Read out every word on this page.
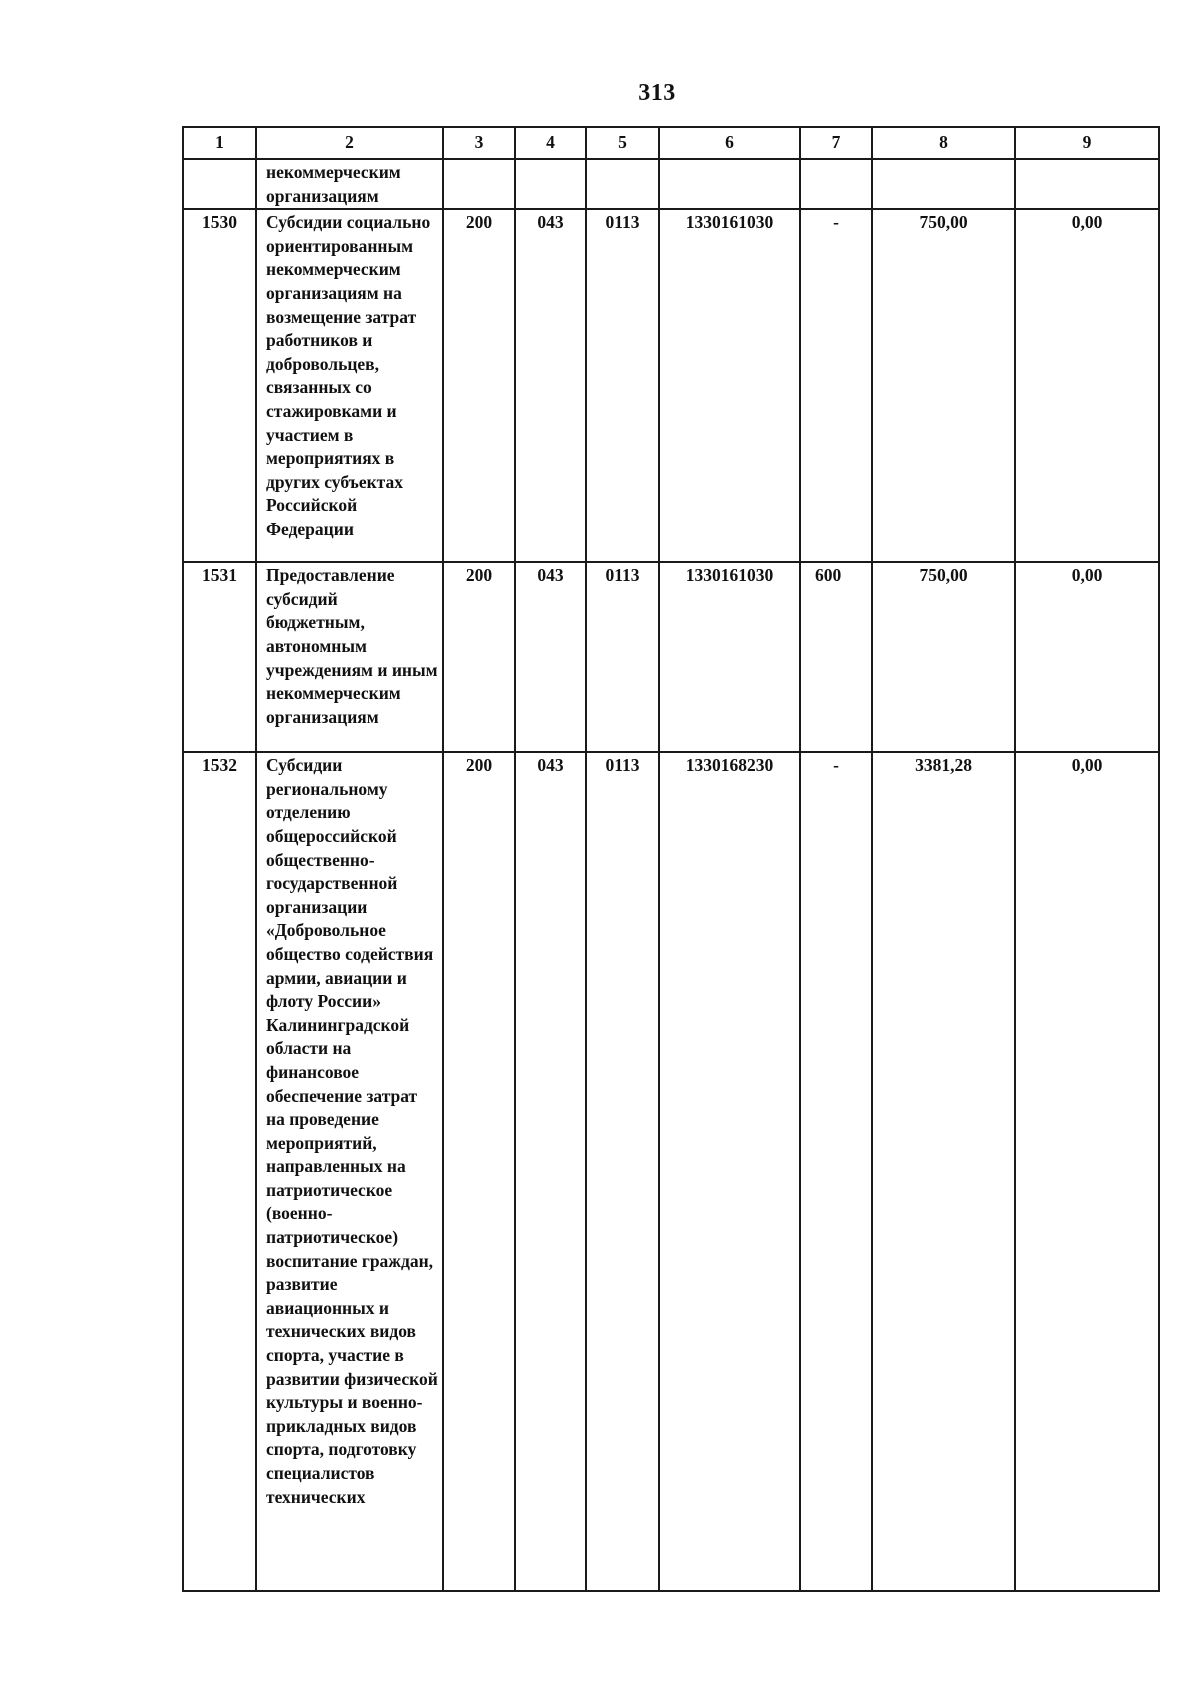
313
1	2	3	4	5	6	7	8	9
	некоммерческим организациям							
1530	Субсидии социально ориентированным некоммерческим организациям на возмещение затрат работников и добровольцев, связанных со стажировками и участием в мероприятиях в других субъектах Российской Федерации	200	043	0113	1330161030	-	750,00	0,00
1531	Предоставление субсидий бюджетным, автономным учреждениям и иным некоммерческим организациям	200	043	0113	1330161030	600	750,00	0,00
1532	Субсидии региональному отделению общероссийской общественно-государственной организации «Добровольное общество содействия армии, авиации и флоту России» Калининградской области на финансовое обеспечение затрат на проведение мероприятий, направленных на патриотическое (военно-патриотическое) воспитание граждан, развитие авиационных и технических видов спорта, участие в развитии физической культуры и военно-прикладных видов спорта, подготовку специалистов технических	200	043	0113	1330168230	-	3381,28	0,00
